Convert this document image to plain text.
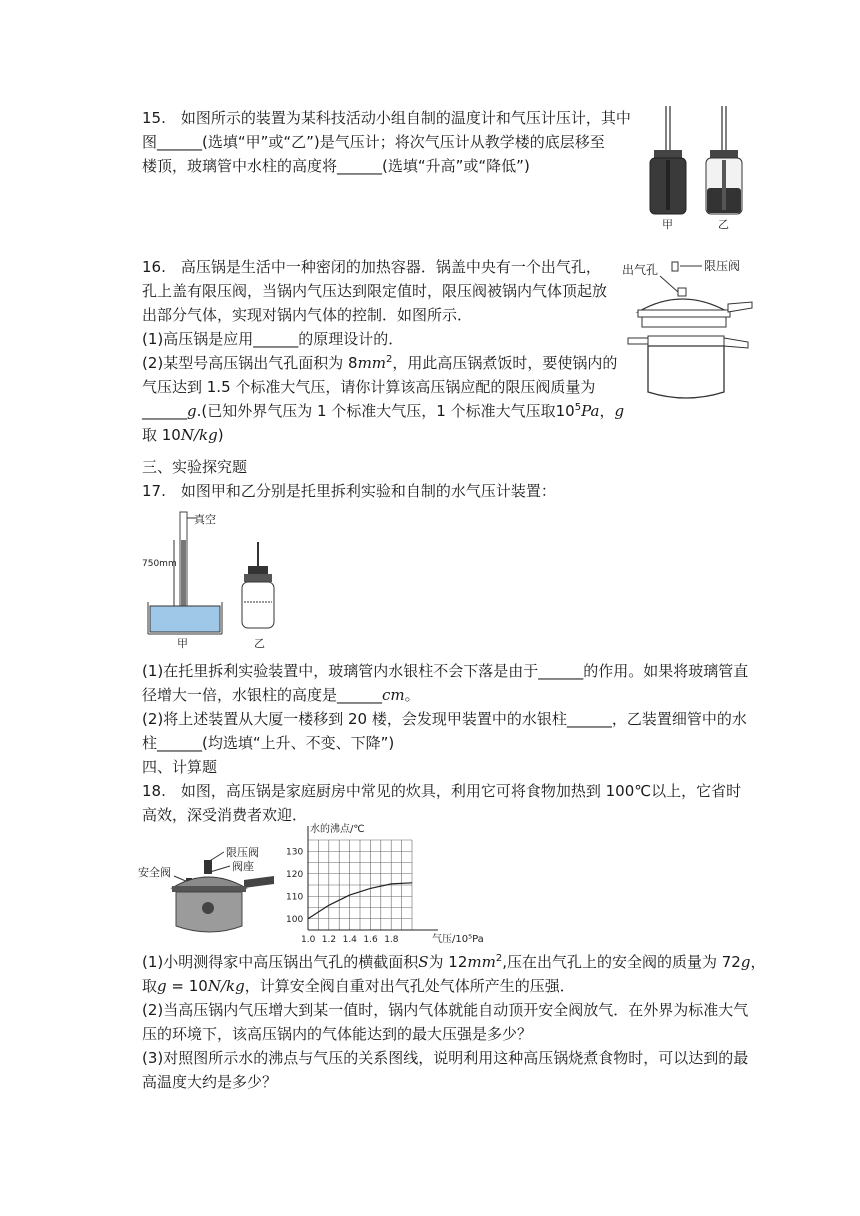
15.　如图所示的装置为某科技活动小组自制的温度计和气压计压计，其中
图______(选填“甲”或“乙”)是气压计；将次气压计从教学楼的底层移至
楼顶，玻璃管中水柱的高度将______(选填“升高”或“降低”)
甲	乙
16.　高压锅是生活中一种密闭的加热容器．锅盖中央有一个出气孔，
孔上盖有限压阀，当锅内气压达到限定值时，限压阀被锅内气体顶起放
出部分气体，实现对锅内气体的控制．如图所示．
(1)高压锅是应用______的原理设计的．
(2)某型号高压锅出气孔面积为 $8mm^2$，用此高压锅煮饭时，要使锅内的
气压达到 1.5 个标准大气压，请你计算该高压锅应配的限压阀质量为
______g.(已知外界气压为 1 个标准大气压，1 个标准大气压取$10^5Pa$，g
取 10N/kg)
出气孔	限压阀
三、实验探究题
17.　如图甲和乙分别是托里拆利实验和自制的水气压计装置：
真空
750mm
甲	乙
(1)在托里拆利实验装置中，玻璃管内水银柱不会下落是由于______的作用。如果将玻璃管直
径增大一倍，水银柱的高度是______cm。
(2)将上述装置从大厦一楼移到 20 楼，会发现甲装置中的水银柱______，乙装置细管中的水
柱______(均选填“上升、不变、下降”)
四、计算题
18.　如图，高压锅是家庭厨房中常见的炊具，利用它可将食物加热到 100℃以上，它省时
高效，深受消费者欢迎．
安全阀
限压阀
阀座
1.0 1.2 1.4 1.6 1.8
100
110
120
130
水的沸点/℃
气压/10⁵Pa
(1)小明测得家中高压锅出气孔的横截面积S为 $12mm^2$,压在出气孔上的安全阀的质量为 72g，
取g = 10N/kg，计算安全阀自重对出气孔处气体所产生的压强．
(2)当高压锅内气压增大到某一值时，锅内气体就能自动顶开安全阀放气．在外界为标准大气
压的环境下，该高压锅内的气体能达到的最大压强是多少？
(3)对照图所示水的沸点与气压的关系图线，说明利用这种高压锅烧煮食物时，可以达到的最
高温度大约是多少？
